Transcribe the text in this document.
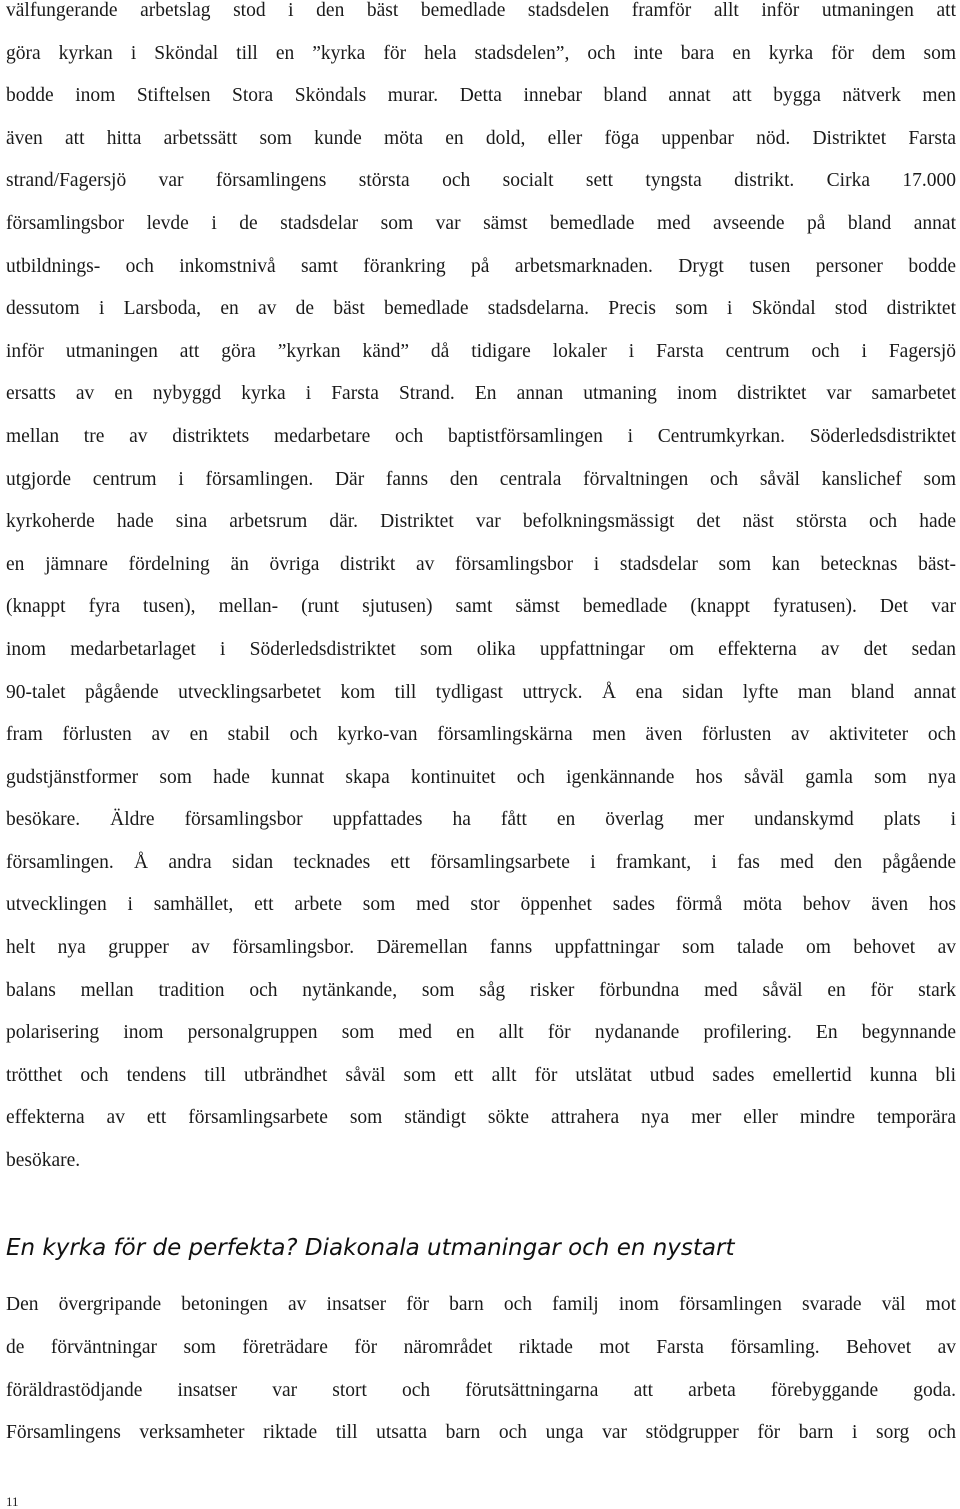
välfungerande arbetslag stod i den bäst bemedlade stadsdelen framför allt inför utmaningen att
göra kyrkan i Sköndal till en ”kyrka för hela stadsdelen”, och inte bara en kyrka för dem som
bodde inom Stiftelsen Stora Sköndals murar. Detta innebar bland annat att bygga nätverk men
även att hitta arbetssätt som kunde möta en dold, eller föga uppenbar nöd. Distriktet Farsta
strand/Fagersjö var församlingens största och socialt sett tyngsta distrikt. Cirka 17.000
församlingsbor levde i de stadsdelar som var sämst bemedlade med avseende på bland annat
utbildnings- och inkomstnivå samt förankring på arbetsmarknaden. Drygt tusen personer bodde
dessutom i Larsboda, en av de bäst bemedlade stadsdelarna. Precis som i Sköndal stod distriktet
inför utmaningen att göra ”kyrkan känd” då tidigare lokaler i Farsta centrum och i Fagersjö
ersatts av en nybyggd kyrka i Farsta Strand. En annan utmaning inom distriktet var samarbetet
mellan tre av distriktets medarbetare och baptistförsamlingen i Centrumkyrkan. Söderledsdistriktet
utgjorde centrum i församlingen. Där fanns den centrala förvaltningen och såväl kanslichef som
kyrkoherde hade sina arbetsrum där. Distriktet var befolkningsmässigt det näst största och hade
en jämnare fördelning än övriga distrikt av församlingsbor i stadsdelar som kan betecknas bäst-
(knappt fyra tusen), mellan- (runt sjutusen) samt sämst bemedlade (knappt fyratusen). Det var
inom medarbetarlaget i Söderledsdistriktet som olika uppfattningar om effekterna av det sedan
90-talet pågående utvecklingsarbetet kom till tydligast uttryck. Å ena sidan lyfte man bland annat
fram förlusten av en stabil och kyrko-van församlingskärna men även förlusten av aktiviteter och
gudstjänstformer som hade kunnat skapa kontinuitet och igenkännande hos såväl gamla som nya
besökare. Äldre församlingsbor uppfattades ha fått en överlag mer undanskymd plats i
församlingen. Å andra sidan tecknades ett församlingsarbete i framkant, i fas med den pågående
utvecklingen i samhället, ett arbete som med stor öppenhet sades förmå möta behov även hos
helt nya grupper av församlingsbor. Däremellan fanns uppfattningar som talade om behovet av
balans mellan tradition och nytänkande, som såg risker förbundna med såväl en för stark
polarisering inom personalgruppen som med en allt för nydanande profilering. En begynnande
trötthet och tendens till utbrändhet såväl som ett allt för utslätat utbud sades emellertid kunna bli
effekterna av ett församlingsarbete som ständigt sökte attrahera nya mer eller mindre temporära
besökare.

En kyrka för de perfekta? Diakonala utmaningar och en nystart

Den övergripande betoningen av insatser för barn och familj inom församlingen svarade väl mot
de förväntningar som företrädare för närområdet riktade mot Farsta församling. Behovet av
föräldrastödjande insatser var stort och förutsättningarna att arbeta förebyggande goda.
Församlingens verksamheter riktade till utsatta barn och unga var stödgrupper för barn i sorg och

11
